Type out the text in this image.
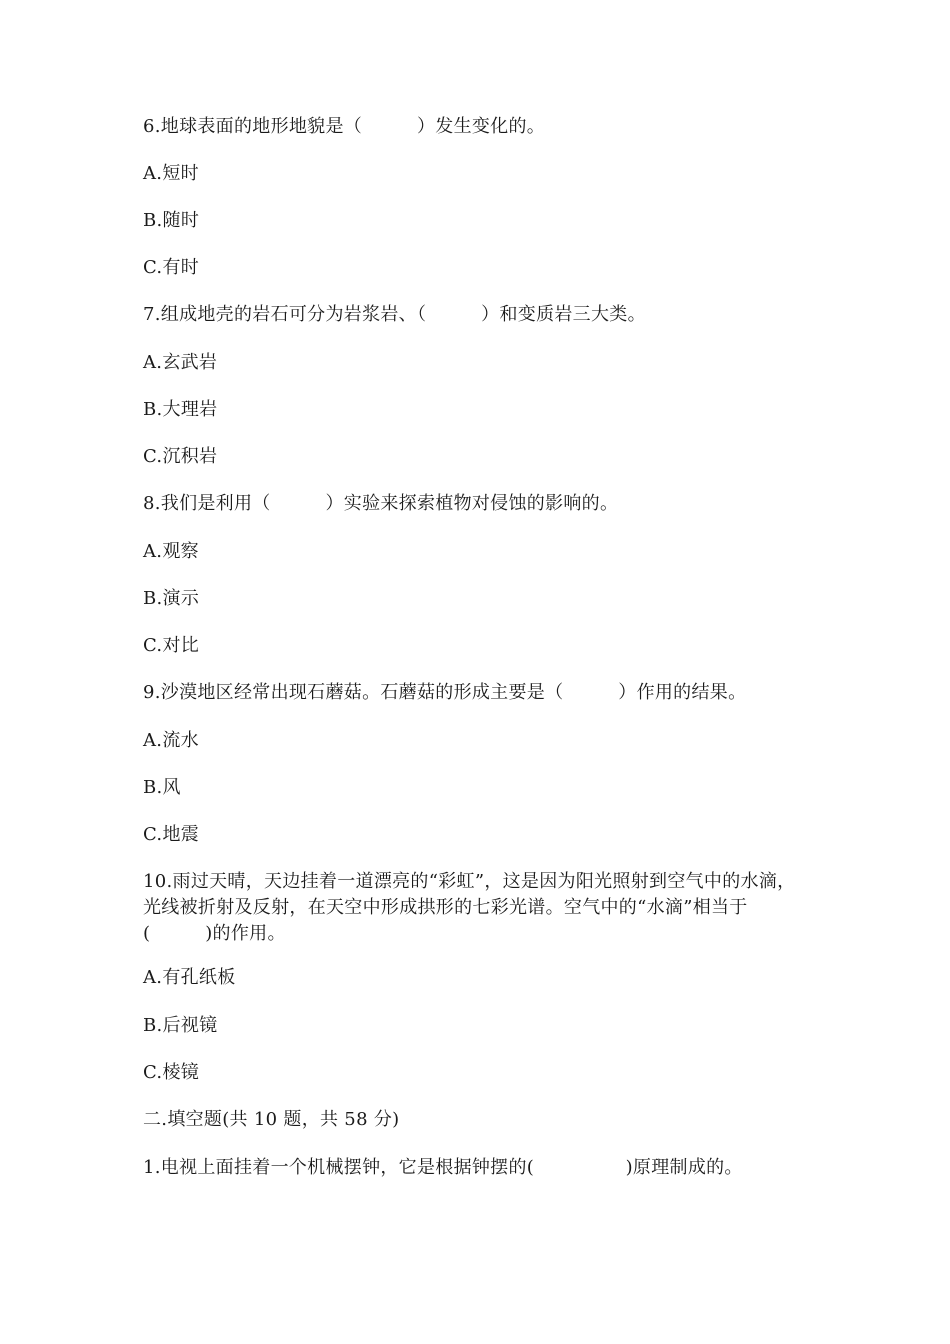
6.地球表面的地形地貌是（　　　）发生变化的。
A.短时
B.随时
C.有时
7.组成地壳的岩石可分为岩浆岩、（　　　）和变质岩三大类。
A.玄武岩
B.大理岩
C.沉积岩
8.我们是利用（　　　）实验来探索植物对侵蚀的影响的。
A.观察
B.演示
C.对比
9.沙漠地区经常出现石蘑菇。石蘑菇的形成主要是（　　　）作用的结果。
A.流水
B.风
C.地震
10.雨过天晴，天边挂着一道漂亮的“彩虹”，这是因为阳光照射到空气中的水滴，光线被折射及反射，在天空中形成拱形的七彩光谱。空气中的“水滴”相当于(　　　)的作用。
A.有孔纸板
B.后视镜
C.棱镜
二.填空题(共 10 题，共 58 分)
1.电视上面挂着一个机械摆钟，它是根据钟摆的(　　　　　)原理制成的。
